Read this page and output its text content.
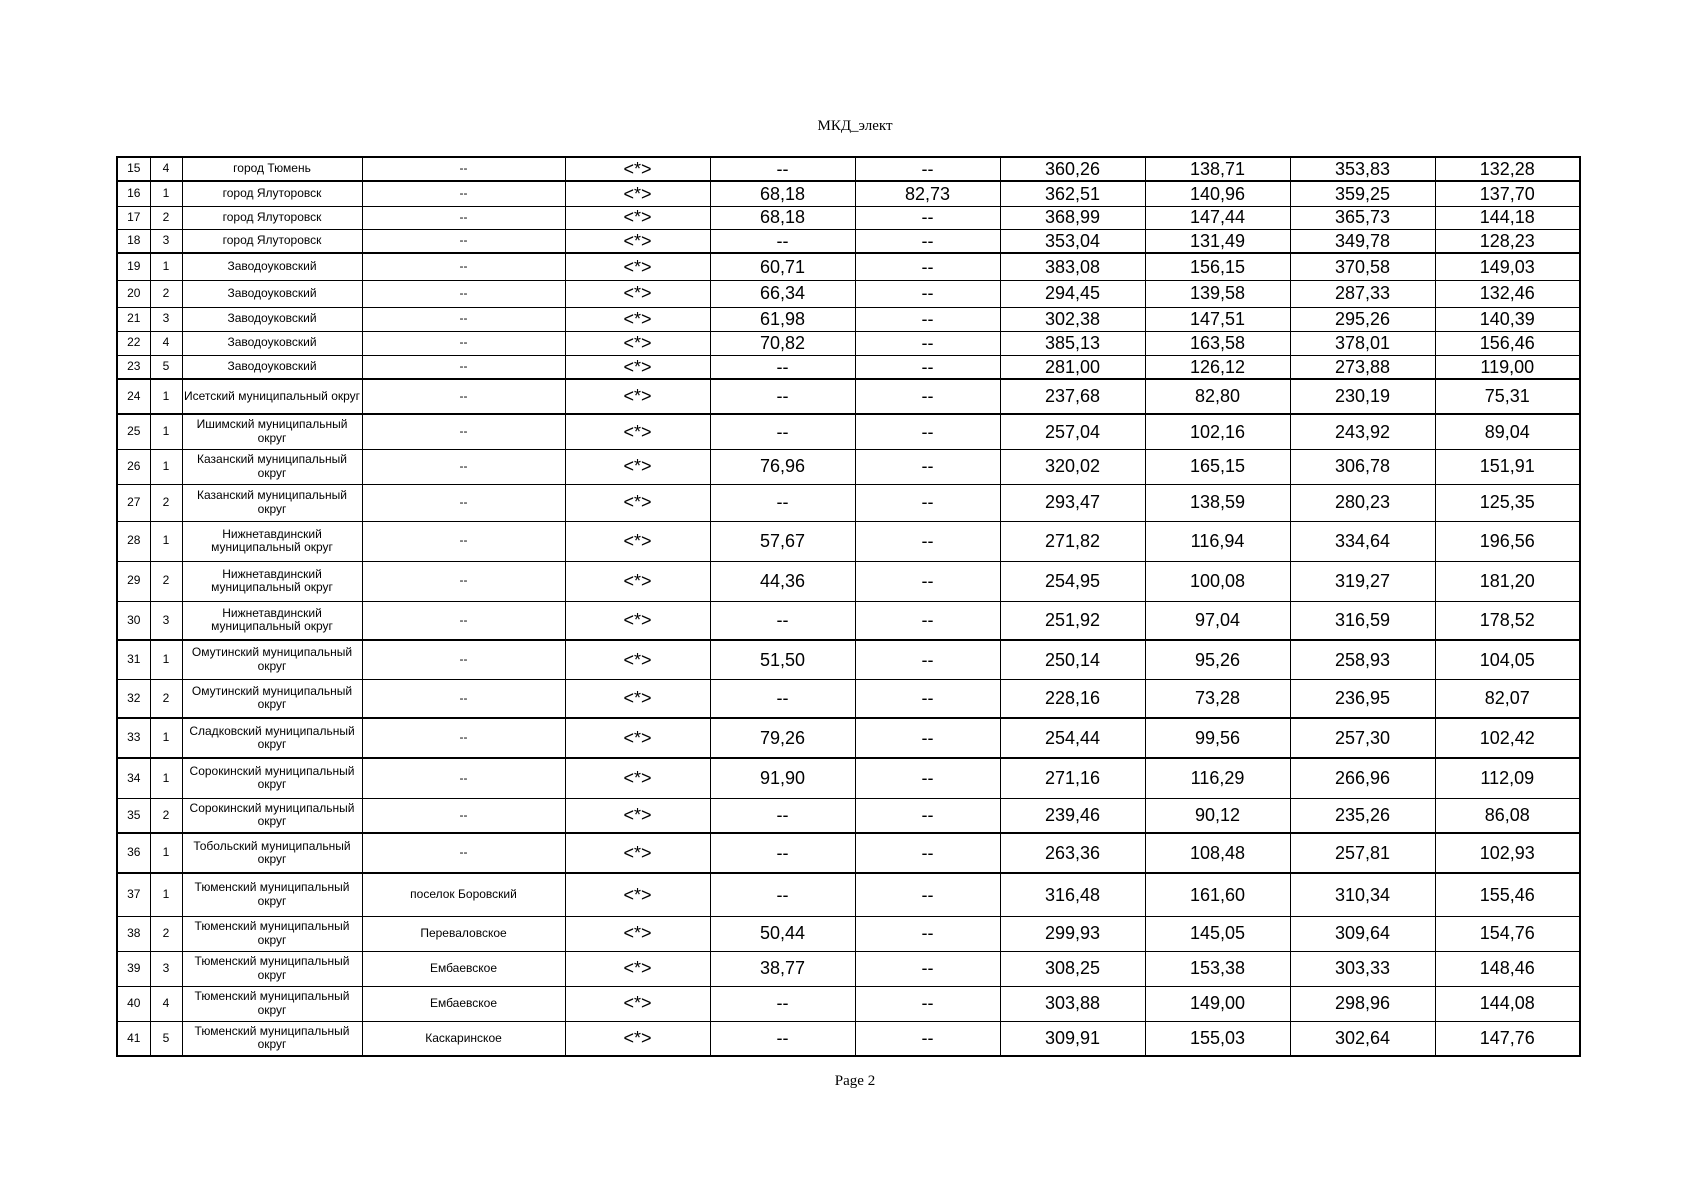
МКД_элект
15	4	город Тюмень	--	<*>	--	--	360,26	138,71	353,83	132,28
16	1	город Ялуторовск	--	<*>	68,18	82,73	362,51	140,96	359,25	137,70
17	2	город Ялуторовск	--	<*>	68,18	--	368,99	147,44	365,73	144,18
18	3	город Ялуторовск	--	<*>	--	--	353,04	131,49	349,78	128,23
19	1	Заводоуковский	--	<*>	60,71	--	383,08	156,15	370,58	149,03
20	2	Заводоуковский	--	<*>	66,34	--	294,45	139,58	287,33	132,46
21	3	Заводоуковский	--	<*>	61,98	--	302,38	147,51	295,26	140,39
22	4	Заводоуковский	--	<*>	70,82	--	385,13	163,58	378,01	156,46
23	5	Заводоуковский	--	<*>	--	--	281,00	126,12	273,88	119,00
24	1	Исетский муниципальный округ	--	<*>	--	--	237,68	82,80	230,19	75,31
25	1	Ишимский муниципальный округ	--	<*>	--	--	257,04	102,16	243,92	89,04
26	1	Казанский муниципальный округ	--	<*>	76,96	--	320,02	165,15	306,78	151,91
27	2	Казанский муниципальный округ	--	<*>	--	--	293,47	138,59	280,23	125,35
28	1	Нижнетавдинский муниципальный округ	--	<*>	57,67	--	271,82	116,94	334,64	196,56
29	2	Нижнетавдинский муниципальный округ	--	<*>	44,36	--	254,95	100,08	319,27	181,20
30	3	Нижнетавдинский муниципальный округ	--	<*>	--	--	251,92	97,04	316,59	178,52
31	1	Омутинский муниципальный округ	--	<*>	51,50	--	250,14	95,26	258,93	104,05
32	2	Омутинский муниципальный округ	--	<*>	--	--	228,16	73,28	236,95	82,07
33	1	Сладковский муниципальный округ	--	<*>	79,26	--	254,44	99,56	257,30	102,42
34	1	Сорокинский муниципальный округ	--	<*>	91,90	--	271,16	116,29	266,96	112,09
35	2	Сорокинский муниципальный округ	--	<*>	--	--	239,46	90,12	235,26	86,08
36	1	Тобольский муниципальный округ	--	<*>	--	--	263,36	108,48	257,81	102,93
37	1	Тюменский муниципальный округ	поселок Боровский	<*>	--	--	316,48	161,60	310,34	155,46
38	2	Тюменский муниципальный округ	Переваловское	<*>	50,44	--	299,93	145,05	309,64	154,76
39	3	Тюменский муниципальный округ	Ембаевское	<*>	38,77	--	308,25	153,38	303,33	148,46
40	4	Тюменский муниципальный округ	Ембаевское	<*>	--	--	303,88	149,00	298,96	144,08
41	5	Тюменский муниципальный округ	Каскаринское	<*>	--	--	309,91	155,03	302,64	147,76
Page 2
